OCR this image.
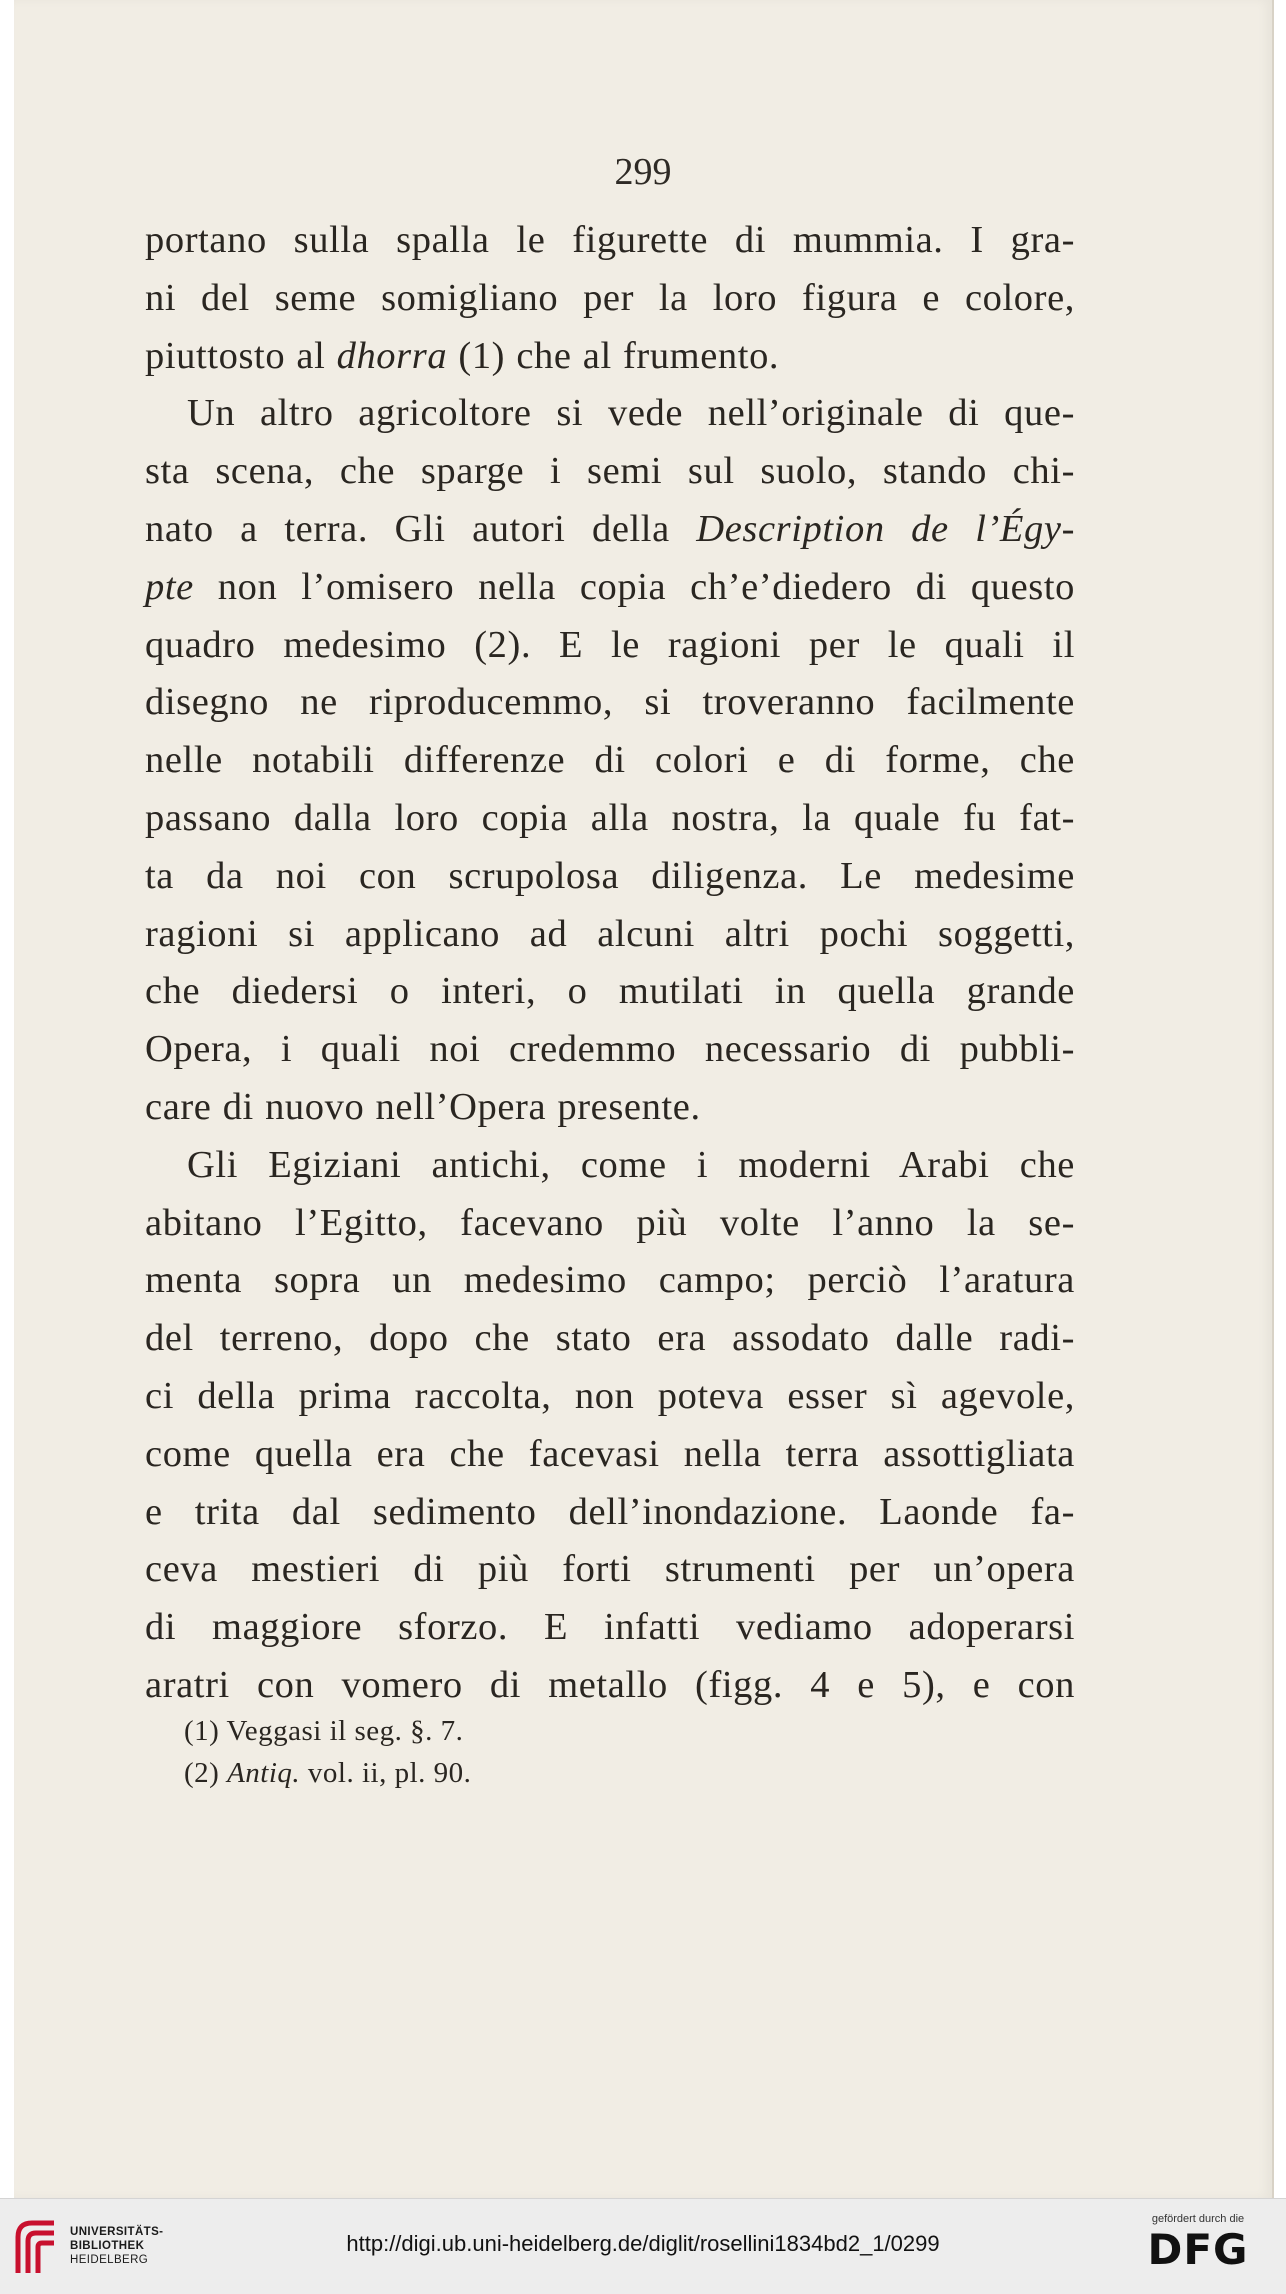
299

portano sulla spalla le figurette di mummia. I gra-
ni del seme somigliano per la loro figura e colore,
piuttosto al dhorra (1) che al frumento.
Un altro agricoltore si vede nell’originale di que-
sta scena, che sparge i semi sul suolo, stando chi-
nato a terra. Gli autori della Description de l’Égy-
pte non l’omisero nella copia ch’e’diedero di questo
quadro medesimo (2). E le ragioni per le quali il
disegno ne riproducemmo, si troveranno facilmente
nelle notabili differenze di colori e di forme, che
passano dalla loro copia alla nostra, la quale fu fat-
ta da noi con scrupolosa diligenza. Le medesime
ragioni si applicano ad alcuni altri pochi soggetti,
che diedersi o interi, o mutilati in quella grande
Opera, i quali noi credemmo necessario di pubbli-
care di nuovo nell’Opera presente.
Gli Egiziani antichi, come i moderni Arabi che
abitano l’Egitto, facevano più volte l’anno la se-
menta sopra un medesimo campo; perciò l’aratura
del terreno, dopo che stato era assodato dalle radi-
ci della prima raccolta, non poteva esser sì agevole,
come quella era che facevasi nella terra assottigliata
e trita dal sedimento dell’inondazione. Laonde fa-
ceva mestieri di più forti strumenti per un’opera
di maggiore sforzo. E infatti vediamo adoperarsi
aratri con vomero di metallo (figg. 4 e 5), e con
(1) Veggasi il seg. §. 7.
(2) Antiq. vol. ii, pl. 90.
UNIVERSITÄTS-
BIBLIOTHEK
HEIDELBERG
http://digi.ub.uni-heidelberg.de/diglit/rosellini1834bd2_1/0299
gefördert durch die
DFG
